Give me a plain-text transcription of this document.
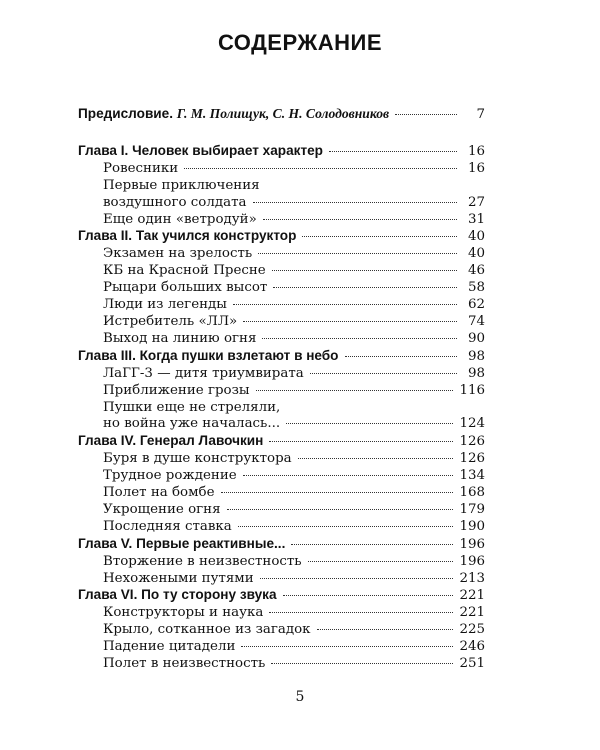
СОДЕРЖАНИЕ
Предисловие. Г. М. Полищук, С. Н. Солодовников	7
Глава I. Человек выбирает характер	16
Ровесники	16
Первые приключения
воздушного солдата	27
Еще один «ветродуй»	31
Глава II. Так учился конструктор	40
Экзамен на зрелость	40
КБ на Красной Пресне	46
Рыцари больших высот	58
Люди из легенды	62
Истребитель «ЛЛ»	74
Выход на линию огня	90
Глава III. Когда пушки взлетают в небо	98
ЛаГГ-3 — дитя триумвирата	98
Приближение грозы	116
Пушки еще не стреляли,
но война уже началась...	124
Глава IV. Генерал Лавочкин	126
Буря в душе конструктора	126
Трудное рождение	134
Полет на бомбе	168
Укрощение огня	179
Последняя ставка	190
Глава V. Первые реактивные...	196
Вторжение в неизвестность	196
Нехожеными путями	213
Глава VI. По ту сторону звука	221
Конструкторы и наука	221
Крыло, сотканное из загадок	225
Падение цитадели	246
Полет в неизвестность	251
5
